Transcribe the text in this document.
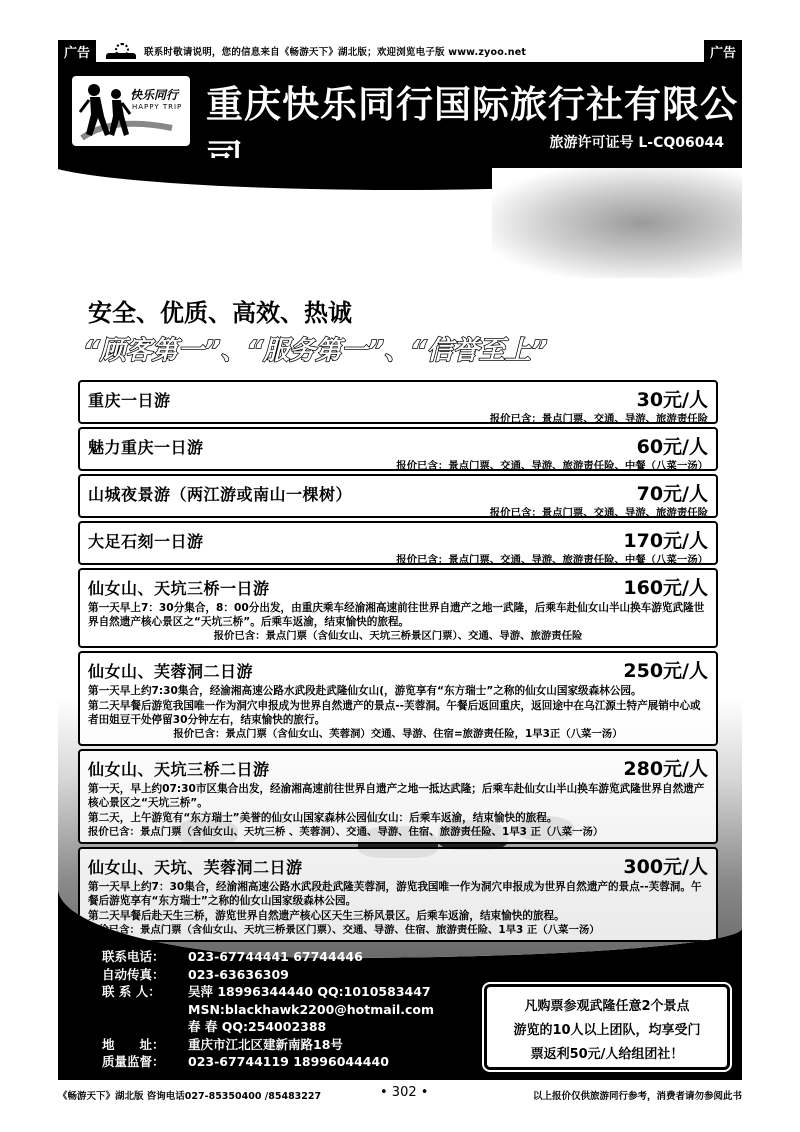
广告	联系时敬请说明，您的信息来自《畅游天下》湖北版；欢迎浏览电子版 www.zyoo.net	广告
快乐同行
HAPPY TRIP 重庆快乐同行国际旅行社有限公
旅游许可证号 L-CQ06044
安全、优质、高效、热诚
“顾客第一”、“服务第一”、“信誉至上”
重庆一日游	30元/人
报价已含：景点门票、交通、导游、旅游责任险
魅力重庆一日游	60元/人
报价已含：景点门票、交通、导游、旅游责任险、中餐（八菜一汤）
山城夜景游（两江游或南山一棵树）	70元/人
报价已含：景点门票、交通、导游、旅游责任险
大足石刻一日游	170元/人
报价已含：景点门票、交通、导游、旅游责任险、中餐（八菜一汤）
仙女山、天坑三桥一日游	160元/人
第一天早上7：30分集合，8：00分出发，由重庆乘车经渝湘高速前往世界自遗产之地一武隆，后乘车赴仙女山半山换车游览武隆世界自然遗产核心景区之“天坑三桥”。后乘车返渝，结束愉快的旅程。
报价已含：景点门票（含仙女山、天坑三桥景区门票）、交通、导游、旅游责任险
仙女山、芙蓉洞二日游	250元/人
第一天早上约7:30集合，经渝湘高速公路水武段赴武隆仙女山(，游览享有“东方瑞士”之称的仙女山国家级森林公园。
第二天早餐后游览我国唯一作为洞穴申报成为世界自然遗产的景点--芙蓉洞。午餐后返回重庆，返回途中在乌江源土特产展销中心或者田姐豆干处停留30分钟左右，结束愉快的旅行。
报价已含：景点门票（含仙女山、芙蓉洞）交通、导游、住宿=旅游责任险，1早3正（八菜一汤）
仙女山、天坑三桥二日游	280元/人
第一天，早上约07:30市区集合出发，经渝湘高速前往世界自遗产之地一抵达武隆；后乘车赴仙女山半山换车游览武隆世界自然遗产核心景区之“天坑三桥”。
第二天，上午游览有“东方瑞士”美誉的仙女山国家森林公园仙女山：后乘车返渝，结束愉快的旅程。
报价已含：景点门票（含仙女山、天坑三桥 、芙蓉洞）、交通、导游、住宿、旅游责任险、1早3 正（八菜一汤）
仙女山、天坑、芙蓉洞二日游	300元/人
第一天早上约7：30集合，经渝湘高速公路水武段赴武隆芙蓉洞，游览我国唯一作为洞穴申报成为世界自然遗产的景点--芙蓉洞。午餐后游览享有“东方瑞士”之称的仙女山国家级森林公园。
第二天早餐后赴天生三桥，游览世界自然遗产核心区天生三桥风景区。后乘车返渝，结束愉快的旅程。
报价已含：景点门票（含仙女山、天坑三桥景区门票）、交通、导游、住宿、旅游责任险、1早3 正（八菜一汤）
联系电话：	023-67744441 67744446
自动传真：	023-63636309
联 系 人：	吴萍 18996344440 QQ:1010583447
MSN:blackhawk2200@hotmail.com
春 春 QQ:254002388
地　　址：	重庆市江北区建新南路18号
质量监督：	023-67744119 18996044440
凡购票参观武隆任意2个景点
游览的10人以上团队，均享受门
票返利50元/人给组团社！
《畅游天下》湖北版 咨询电话027-85350400 /85483227	• 302 •	以上报价仅供旅游同行参考，消费者请勿参阅此书
